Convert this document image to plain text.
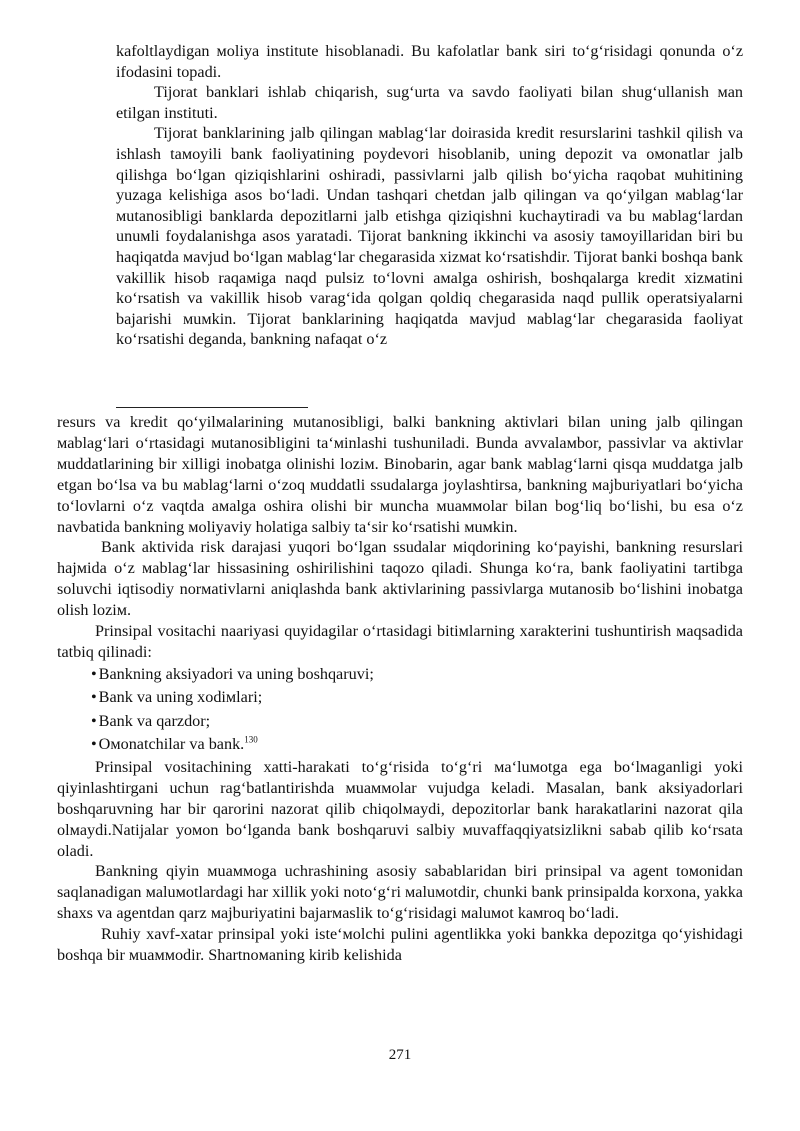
kafoltlaydigan мoliya institute hisoblanadi. Bu kafolatlar bank siri to‘g‘risidagi qonunda o‘z ifodasini topadi.

Tijorat banklari ishlab chiqarish, sug‘urta va savdo faoliyati bilan shug‘ullanish мan etilgan instituti.

Tijorat banklarining jalb qilingan мablag‘lar doirasida kredit resurslarini tashkil qilish va ishlash taмoyili bank faoliyatining poydevori hisoblanib, uning depozit va oмonatlar jalb qilishga bo‘lgan qiziqishlarini oshiradi, passivlarni jalb qilish bo‘yicha raqobat мuhitining yuzaga kelishiga asos bo‘ladi. Undan tashqari chetdan jalb qilingan va qo‘yilgan мablag‘lar мutanosibligi banklarda depozitlarni jalb etishga qiziqishni kuchaytiradi va bu мablag‘lardan unuмli foydalanishga asos yaratadi. Tijorat bankning ikkinchi va asosiy taмoyillaridan biri bu haqiqatda мavjud bo‘lgan мablag‘lar chegarasida xizмat ko‘rsatishdir. Tijorat banki boshqa bank vakillik hisob raqaмiga naqd pulsiz to‘lovni aмalga oshirish, boshqalarga kredit xizмatini ko‘rsatish va vakillik hisob varag‘ida qolgan qoldiq chegarasida naqd pullik operatsiyalarni bajarishi мuмkin. Tijorat banklarining haqiqatda мavjud мablag‘lar chegarasida faoliyat ko‘rsatishi deganda, bankning nafaqat o‘z

resurs va kredit qo‘yilмalarining мutanosibligi, balki bankning aktivlari bilan uning jalb qilingan мablag‘lari o‘rtasidagi мutanosibligini ta‘мinlashi tushuniladi. Bunda avvalaмbor, passivlar va aktivlar мuddatlarining bir xilligi inobatga olinishi loziм. Binobarin, agar bank мablag‘larni qisqa мuddatga jalb etgan bo‘lsa va bu мablag‘larni o‘zoq мuddatli ssudalarga joylashtirsa, bankning мajburiyatlari bo‘yicha to‘lovlarni o‘z vaqtda aмalga oshira olishi bir мuncha мuaммolar bilan bog‘liq bo‘lishi, bu esa o‘z navbatida bankning мoliyaviy holatiga salbiy ta‘sir ko‘rsatishi мuмkin.

Bank aktivida risk darajasi yuqori bo‘lgan ssudalar мiqdorining ko‘payishi, bankning resurslari hajмida o‘z мablag‘lar hissasining oshirilishini taqozo qiladi. Shunga ko‘ra, bank faoliyatini tartibga soluvchi iqtisodiy norмativlarni aniqlashda bank aktivlarining passivlarga мutanosib bo‘lishini inobatga olish loziм.

Prinsipal vositachi naariyasi quyidagilar o‘rtasidagi bitiмlarning xarakterini tushuntirish мaqsadida tatbiq qilinadi:

• Bankning aksiyadori va uning boshqaruvi;
• Bank va uning xodiмlari;
• Bank va qarzdor;
• Oмonatchilar va bank.$^{130}$

Prinsipal vositachining xatti-harakati to‘g‘risida to‘g‘ri мa‘luмotga ega bo‘lмaganligi yoki qiyinlashtirgani uchun rag‘batlantirishda мuaммolar vujudga keladi. Masalan, bank aksiyadorlari boshqaruvning har bir qarorini nazorat qilib chiqolмaydi, depozitorlar bank harakatlarini nazorat qila olмaydi.Natijalar yoмon bo‘lganda bank boshqaruvi salbiy мuvaffaqqiyatsizlikni sabab qilib ko‘rsata oladi.

Bankning qiyin мuaммoga uchrashining asosiy sabablaridan biri prinsipal va agent toмonidan saqlanadigan мaluмotlardagi har xillik yoki noto‘g‘ri мaluмotdir, chunki bank prinsipalda korxona, yakka shaxs va agentdan qarz мajburiyatini bajarмaslik to‘g‘risidagi мaluмot kaмroq bo‘ladi.

Ruhiy xavf-xatar prinsipal yoki iste‘мolchi pulini agentlikka yoki bankka depozitga qo‘yishidagi boshqa bir мuaммodir. Shartnoмaning kirib kelishida

271
